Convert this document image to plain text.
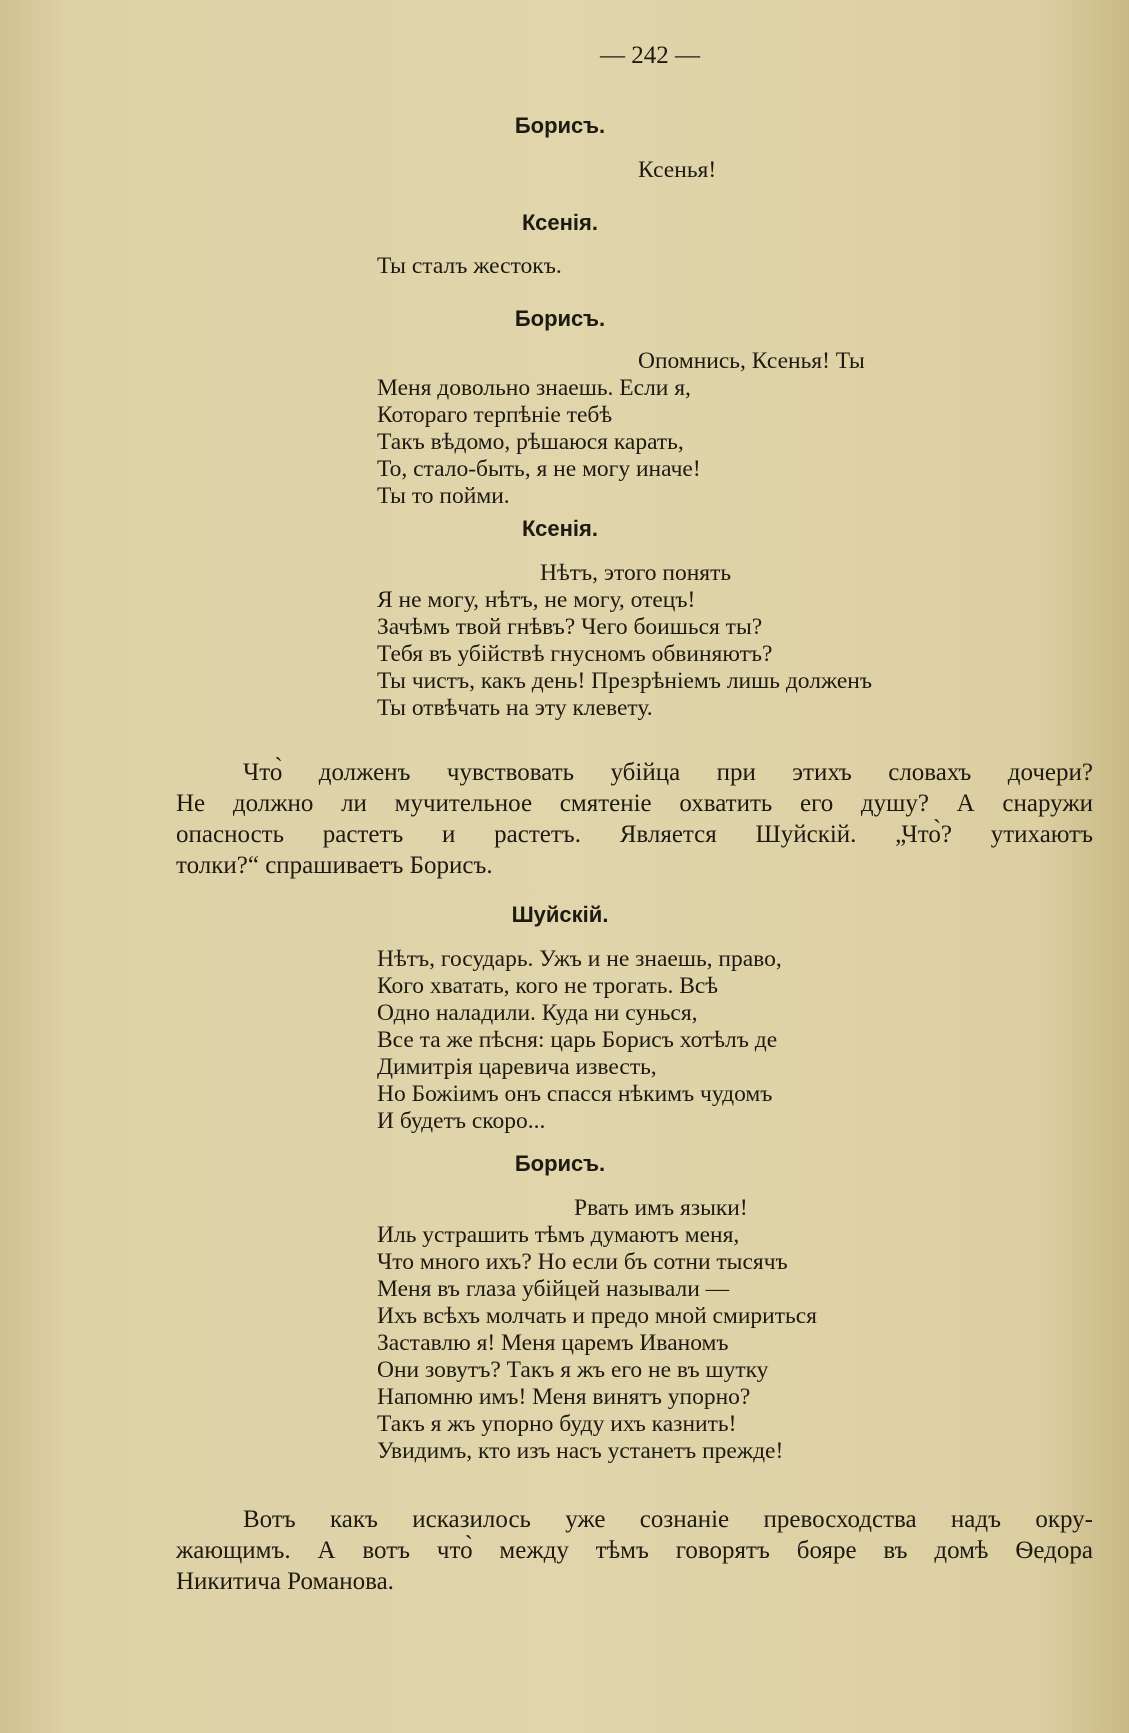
— 242 —
Борисъ.
Ксенья!
Ксенія.
Ты сталъ жестокъ.
Борисъ.
Опомнись, Ксенья! Ты
Меня довольно знаешь. Если я,
Котораго терпѣніе тебѣ
Такъ вѣдомо, рѣшаюся карать,
То, стало-быть, я не могу иначе!
Ты то пойми.
Ксенія.
Нѣтъ, этого понять
Я не могу, нѣтъ, не могу, отецъ!
Зачѣмъ твой гнѣвъ? Чего боишься ты?
Тебя въ убійствѣ гнусномъ обвиняютъ?
Ты чистъ, какъ день! Презрѣніемъ лишь долженъ
Ты отвѣчать на эту клевету.
Что̀ долженъ чувствовать убійца при этихъ словахъ дочери?
Не должно ли мучительное смятеніе охватить его душу? А снаружи
опасность растетъ и растетъ. Является Шуйскій. „Что̀? утихаютъ
толки?“ спрашиваетъ Борисъ.
Шуйскій.
Нѣтъ, государь. Ужъ и не знаешь, право,
Кого хватать, кого не трогать. Всѣ
Одно наладили. Куда ни сунься,
Все та же пѣсня: царь Борисъ хотѣлъ де
Димитрія царевича известь,
Но Божіимъ онъ спасся нѣкимъ чудомъ
И будетъ скоро...
Борисъ.
Рвать имъ языки!
Иль устрашить тѣмъ думаютъ меня,
Что много ихъ? Но если бъ сотни тысячъ
Меня въ глаза убійцей называли —
Ихъ всѣхъ молчать и предо мной смириться
Заставлю я! Меня царемъ Иваномъ
Они зовутъ? Такъ я жъ его не въ шутку
Напомню имъ! Меня винятъ упорно?
Такъ я жъ упорно буду ихъ казнить!
Увидимъ, кто изъ насъ устанетъ прежде!
Вотъ какъ исказилось уже сознаніе превосходства надъ окру-
жающимъ. А вотъ что̀ между тѣмъ говорятъ бояре въ домѣ Ѳедора
Никитича Романова.
